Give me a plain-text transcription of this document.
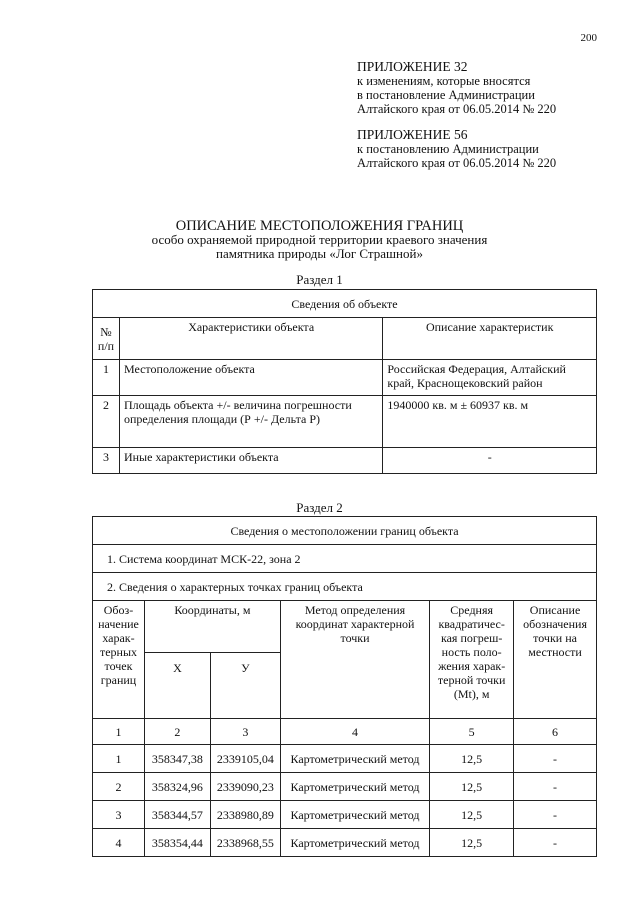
200
ПРИЛОЖЕНИЕ 32
к изменениям, которые вносятся
в постановление Администрации
Алтайского края от 06.05.2014 № 220
ПРИЛОЖЕНИЕ 56
к постановлению Администрации
Алтайского края от 06.05.2014 № 220
ОПИСАНИЕ МЕСТОПОЛОЖЕНИЯ ГРАНИЦ
особо охраняемой природной территории краевого значения
памятника природы «Лог Страшной»
Раздел 1
Сведения об объекте		
№ п/п	Характеристики объекта	Описание характеристик
1	Местоположение объекта	Российская Федерация, Алтайский край, Краснощековский район
2	Площадь объекта +/- величина погрешности определения площади (Р +/- Дельта Р)	1940000 кв. м ± 60937 кв. м
3	Иные характеристики объекта	-
Раздел 2
Сведения о местоположении границ объекта					
1. Система координат МСК-22, зона 2					
2. Сведения о характерных точках границ объекта					
Обоз- начение харак- терных точек границ	Координаты, м		Метод определения координат характерной точки	Средняя квадратичес- кая погреш- ность поло- жения харак- терной точки (Mt), м	Описание обозначения точки на местности
	X	У			
1	2	3	4	5	6
1	358347,38	2339105,04	Картометрический метод	12,5	-
2	358324,96	2339090,23	Картометрический метод	12,5	-
3	358344,57	2338980,89	Картометрический метод	12,5	-
4	358354,44	2338968,55	Картометрический метод	12,5	-
